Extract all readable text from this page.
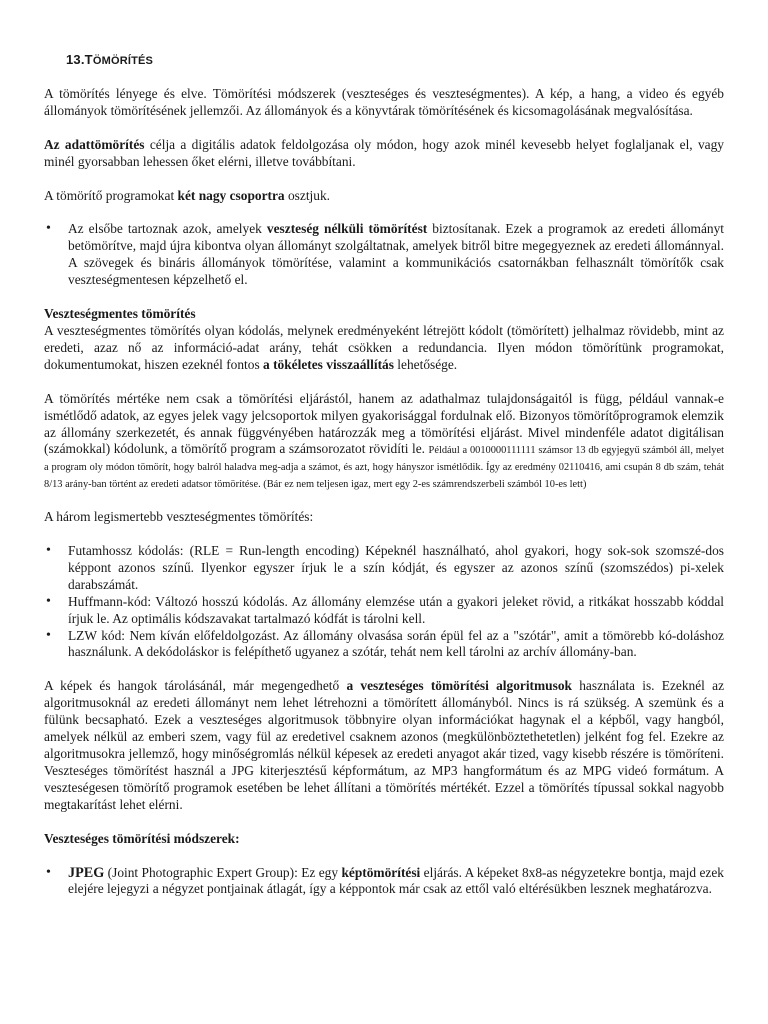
13.TÖMÖRÍTÉS

A tömörítés lényege és elve. Tömörítési módszerek (veszteséges és veszteségmentes). A kép, a hang, a video és egyéb állományok tömörítésének jellemzői. Az állományok és a könyvtárak tömörítésének és kicsomagolásának megvalósítása.

Az adattömörítés célja a digitális adatok feldolgozása oly módon, hogy azok minél kevesebb helyet foglaljanak el, vagy minél gyorsabban lehessen őket elérni, illetve továbbítani.

A tömörítő programokat két nagy csoportra osztjuk.

• Az elsőbe tartoznak azok, amelyek veszteség nélküli tömörítést biztosítanak. Ezek a programok az eredeti állományt betömörítve, majd újra kibontva olyan állományt szolgáltatnak, amelyek bitről bitre megegyeznek az eredeti állománnyal. A szövegek és bináris állományok tömörítése, valamint a kommunikációs csatornákban felhasznált tömörítők csak veszteségmentesen képzelhető el.

Veszteségmentes tömörítés

A veszteségmentes tömörítés olyan kódolás, melynek eredményeként létrejött kódolt (tömörített) jelhalmaz rövidebb, mint az eredeti, azaz nő az információ-adat arány, tehát csökken a redundancia. Ilyen módon tömörítünk programokat, dokumentumokat, hiszen ezeknél fontos a tökéletes visszaállítás lehetősége.

A tömörítés mértéke nem csak a tömörítési eljárástól, hanem az adathalmaz tulajdonságaitól is függ, például vannak-e ismétlődő adatok, az egyes jelek vagy jelcsoportok milyen gyakorisággal fordulnak elő. Bizonyos tömörítőprogramok elemzik az állomány szerkezetét, és annak függvényében határozzák meg a tömörítési eljárást. Mivel mindenféle adatot digitálisan (számokkal) kódolunk, a tömörítő program a számsorozatot rövidíti le. Például a 0010000111111 számsor 13 db egyjegyű számból áll, melyet a program oly módon tömörít, hogy balról haladva meg-adja a számot, és azt, hogy hányszor ismétlődik. Így az eredmény 02110416, ami csupán 8 db szám, tehát 8/13 arány-ban történt az eredeti adatsor tömörítése. (Bár ez nem teljesen igaz, mert egy 2-es számrendszerbeli számból 10-es lett)

A három legismertebb veszteségmentes tömörítés:

• Futamhossz kódolás: (RLE = Run-length encoding) Képeknél használható, ahol gyakori, hogy sok-sok szomszé-dos képpont azonos színű. Ilyenkor egyszer írjuk le a szín kódját, és egyszer az azonos színű (szomszédos) pi-xelek darabszámát.
• Huffmann-kód: Változó hosszú kódolás. Az állomány elemzése után a gyakori jeleket rövid, a ritkákat hosszabb kóddal írjuk le. Az optimális kódszavakat tartalmazó kódfát is tárolni kell.
• LZW kód: Nem kíván előfeldolgozást. Az állomány olvasása során épül fel az a "szótár", amit a tömörebb kó-doláshoz használunk. A dekódoláskor is felépíthető ugyanez a szótár, tehát nem kell tárolni az archív állomány-ban.

A képek és hangok tárolásánál, már megengedhető a veszteséges tömörítési algoritmusok használata is. Ezeknél az algoritmusoknál az eredeti állományt nem lehet létrehozni a tömörített állományból. Nincs is rá szükség. A szemünk és a fülünk becsapható. Ezek a veszteséges algoritmusok többnyire olyan információkat hagynak el a képből, vagy hangból, amelyek nélkül az emberi szem, vagy fül az eredetivel csaknem azonos (megkülönböztethetetlen) jelként fog fel. Ezekre az algoritmusokra jellemző, hogy minőségromlás nélkül képesek az eredeti anyagot akár tized, vagy kisebb részére is tömöríteni. Veszteséges tömörítést használ a JPG kiterjesztésű képformátum, az MP3 hangformátum és az MPG videó formátum. A veszteségesen tömörítő programok esetében be lehet állítani a tömörítés mértékét. Ezzel a tömörítés típussal sokkal nagyobb megtakarítást lehet elérni.

Veszteséges tömörítési módszerek:

• JPEG (Joint Photographic Expert Group): Ez egy képtömörítési eljárás. A képeket 8x8-as négyzetekre bontja, majd ezek elejére lejegyzi a négyzet pontjainak átlagát, így a képpontok már csak az ettől való eltérésükben lesznek meghatározva.
